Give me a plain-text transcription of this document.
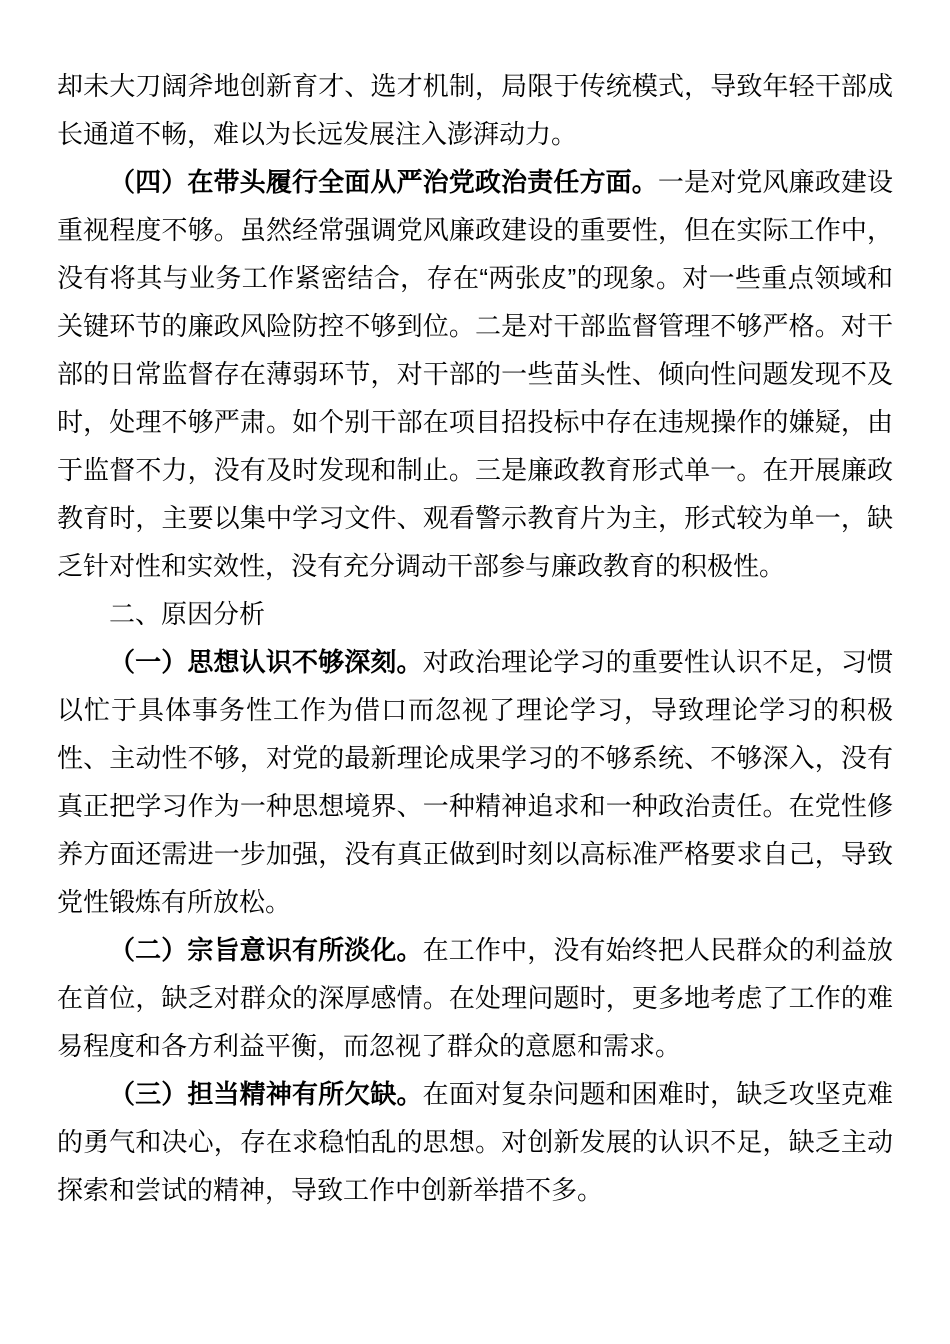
却未大刀阔斧地创新育才、选才机制，局限于传统模式，导致年轻干部成长通道不畅，难以为长远发展注入澎湃动力。

（四）在带头履行全面从严治党政治责任方面。一是对党风廉政建设重视程度不够。虽然经常强调党风廉政建设的重要性，但在实际工作中，没有将其与业务工作紧密结合，存在“两张皮”的现象。对一些重点领域和关键环节的廉政风险防控不够到位。二是对干部监督管理不够严格。对干部的日常监督存在薄弱环节，对干部的一些苗头性、倾向性问题发现不及时，处理不够严肃。如个别干部在项目招投标中存在违规操作的嫌疑，由于监督不力，没有及时发现和制止。三是廉政教育形式单一。在开展廉政教育时，主要以集中学习文件、观看警示教育片为主，形式较为单一，缺乏针对性和实效性，没有充分调动干部参与廉政教育的积极性。

二、原因分析

（一）思想认识不够深刻。对政治理论学习的重要性认识不足，习惯以忙于具体事务性工作为借口而忽视了理论学习，导致理论学习的积极性、主动性不够，对党的最新理论成果学习的不够系统、不够深入，没有真正把学习作为一种思想境界、一种精神追求和一种政治责任。在党性修养方面还需进一步加强，没有真正做到时刻以高标准严格要求自己，导致党性锻炼有所放松。

（二）宗旨意识有所淡化。在工作中，没有始终把人民群众的利益放在首位，缺乏对群众的深厚感情。在处理问题时，更多地考虑了工作的难易程度和各方利益平衡，而忽视了群众的意愿和需求。

（三）担当精神有所欠缺。在面对复杂问题和困难时，缺乏攻坚克难的勇气和决心，存在求稳怕乱的思想。对创新发展的认识不足，缺乏主动探索和尝试的精神，导致工作中创新举措不多。
